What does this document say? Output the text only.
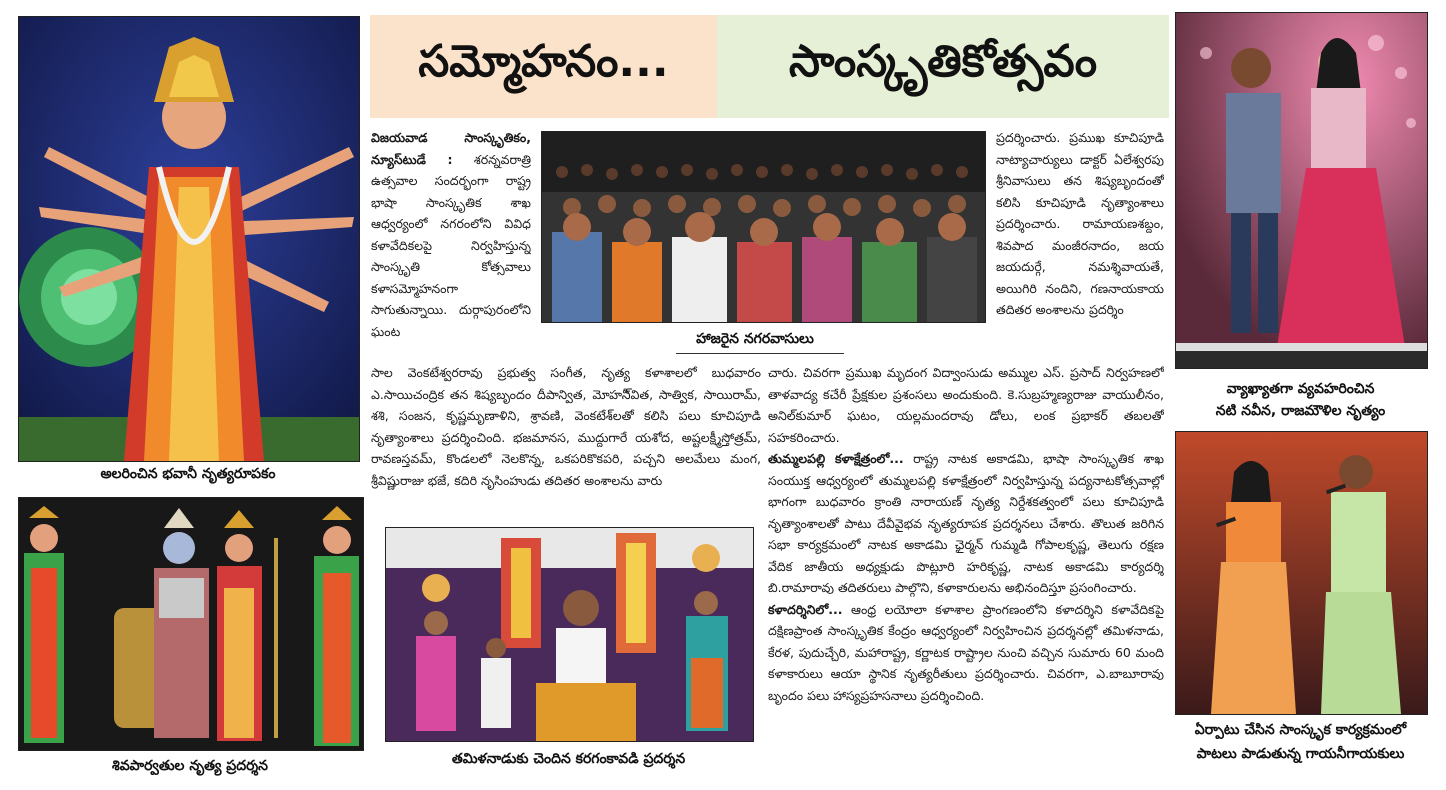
సమ్మోహనం...	సాంస్కృతికోత్సవం
అలరించిన భవానీ నృత్యరూపకం
శివపార్వతుల నృత్య ప్రదర్శన
హాజరైన నగరవాసులు
తమిళనాడుకు చెందిన కరగంకావడి ప్రదర్శన
వ్యాఖ్యాతగా వ్యవహరించిన
నటి నవీన, రాజమౌళిల నృత్యం
ఏర్పాటు చేసిన సాంస్కృక కార్యక్రమంలో
పాటలు పాడుతున్న గాయనీగాయకులు

విజయవాడ సాంస్కృతికం, న్యూస్‌టుడే : శరన్నవరాత్రి ఉత్సవాల సందర్భంగా రాష్ట్ర భాషా సాంస్కృతిక శాఖ ఆధ్వర్యంలో నగరంలోని వివిధ కళావేదికలపై నిర్వహిస్తున్న సాంస్కృతి కోత్సవాలు కళాసమ్మోహనంగా సాగుతున్నాయి. దుర్గాపురంలోని ఘంట

సాల వెంకటేశ్వరరావు ప్రభుత్వ సంగీత, నృత్య కళాశాలలో బుధవారం ఎ.సాయిచంద్రిక తన శిష్యబృందం దీపాన్విత, మోహనీ్విత, సాత్విక, సాయిరామ్, శశి, సంజన, కృష్ణమృణాళిని, శ్రావణి, వెంకటేశ్‌లతో కలిసి పలు కూచిపూడి నృత్యాంశాలు ప్రదర్శించింది. భజమానస, ముద్దుగారే యశోద, అష్టలక్ష్మీస్తోత్రమ్, రావణస్తవమ్, కొండలలో నెలకొన్న, ఒకపరికొకపరి, పచ్చని అలమేలు మంగ, శ్రీవిష్ణురాజు భజే, కదిరి నృసింహుడు తదితర అంశాలను వారు

ప్రదర్శించారు. ప్రముఖ కూచిపూడి నాట్యాచార్యులు డాక్టర్ ఏలేశ్వరపు శ్రీనివాసులు తన శిష్యబృందంతో కలిసి కూచిపూడి నృత్యాంశాలు ప్రదర్శించారు. రామాయణశబ్దం, శివపాద మంజీరనాదం, జయ జయదుర్గే, నమశ్శివాయతే, అయిగిరి నందిని, గణనాయకాయ తదితర అంశాలను ప్రదర్శిం

చారు. చివరగా ప్రముఖ మృదంగ విద్వాంసుడు అమ్ముల ఎస్. ప్రసాద్ నిర్వహణలో తాళవాద్య కచేరీ ప్రేక్షకుల ప్రశంసలు అందుకుంది. కె.సుబ్రహ్మణ్యరాజు వాయులీనం, అనిల్‌కుమార్ ఘటం, యల్లమందరావు డోలు, లంక ప్రభాకర్ తబలతో సహకరించారు.

తుమ్మలపల్లి కళాక్షేత్రంలో... రాష్ట్ర నాటక అకాడమి, భాషా సాంస్కృతిక శాఖ సంయుక్త ఆధ్వర్యంలో తుమ్మలపల్లి కళాక్షేత్రంలో నిర్వహిస్తున్న పద్యనాటకోత్సవాల్లో భాగంగా బుధవారం క్రాంతి నారాయణ్ నృత్య నిర్దేశకత్వంలో పలు కూచిపూడి నృత్యాంశాలతో పాటు దేవీవైభవ నృత్యరూపక ప్రదర్శనలు చేశారు. తొలుత జరిగిన సభా కార్యక్రమంలో నాటక అకాడమి ఛైర్మన్ గుమ్మడి గోపాలకృష్ణ, తెలుగు రక్షణ వేదిక జాతీయ అధ్యక్షుడు పొట్లూరి హరికృష్ణ, నాటక అకాడమి కార్యదర్శి బి.రామారావు తదితరులు పాల్గొని, కళాకారులను అభినందిస్తూ ప్రసంగించారు.

కళాదర్శినిలో... ఆంధ్ర లయోలా కళాశాల ప్రాంగణంలోని కళాదర్శిని కళావేదికపై దక్షిణప్రాంత సాంస్కృతిక కేంద్రం ఆధ్వర్యంలో నిర్వహించిన ప్రదర్శనల్లో తమిళనాడు, కేరళ, పుదుచ్చేరి, మహారాష్ట్ర, కర్ణాటక రాష్ట్రాల నుంచి వచ్చిన సుమారు 60 మంది కళాకారులు ఆయా స్థానిక నృత్యరీతులు ప్రదర్శించారు. చివరగా, ఎ.బాబూరావు బృందం పలు హాస్యప్రహసనాలు ప్రదర్శించింది.
